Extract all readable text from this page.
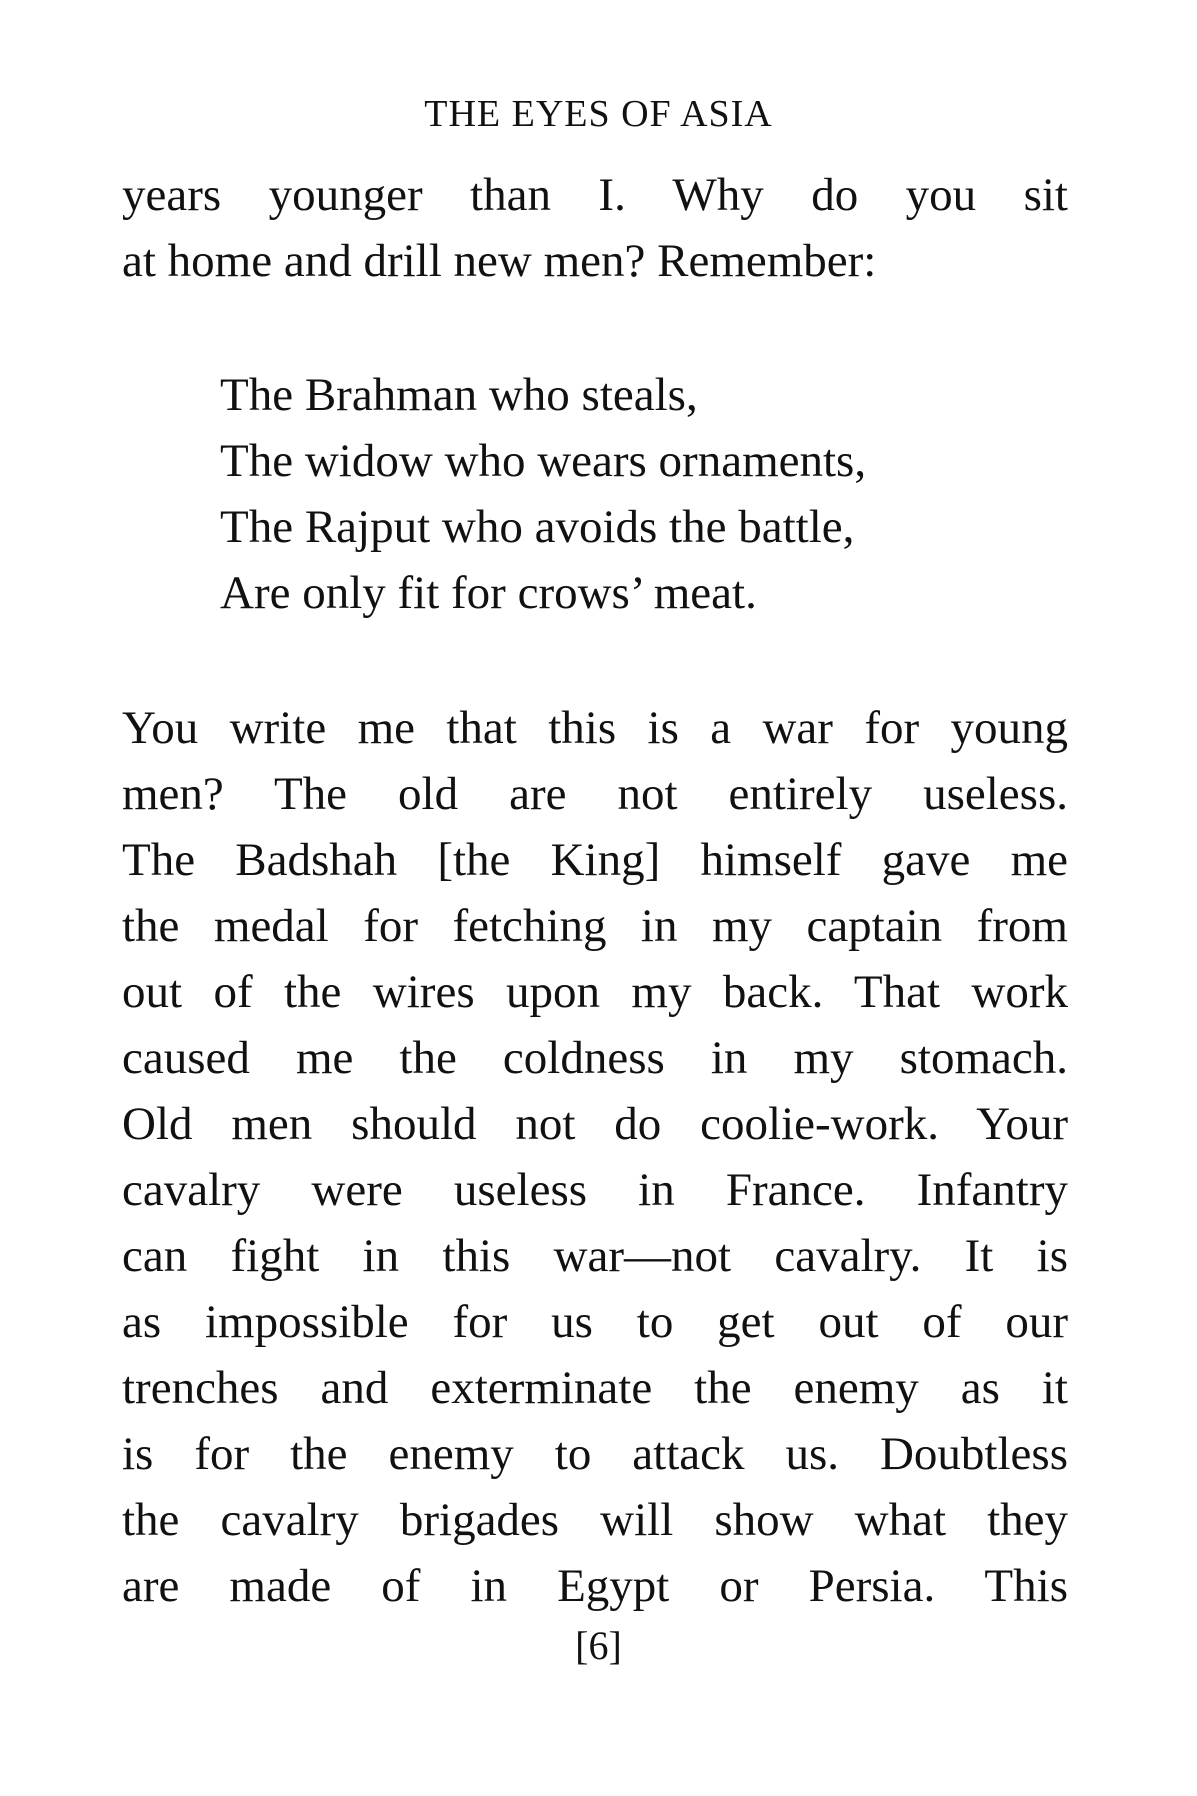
THE EYES OF ASIA
years younger than I. Why do you sit
at home and drill new men? Remember:
The Brahman who steals,
The widow who wears ornaments,
The Rajput who avoids the battle,
Are only fit for crows’ meat.
You write me that this is a war for young
men? The old are not entirely useless.
The Badshah [the King] himself gave me
the medal for fetching in my captain from
out of the wires upon my back. That work
caused me the coldness in my stomach.
Old men should not do coolie-work. Your
cavalry were useless in France. Infantry
can fight in this war—not cavalry. It is
as impossible for us to get out of our
trenches and exterminate the enemy as it
is for the enemy to attack us. Doubtless
the cavalry brigades will show what they
are made of in Egypt or Persia. This
[6]
